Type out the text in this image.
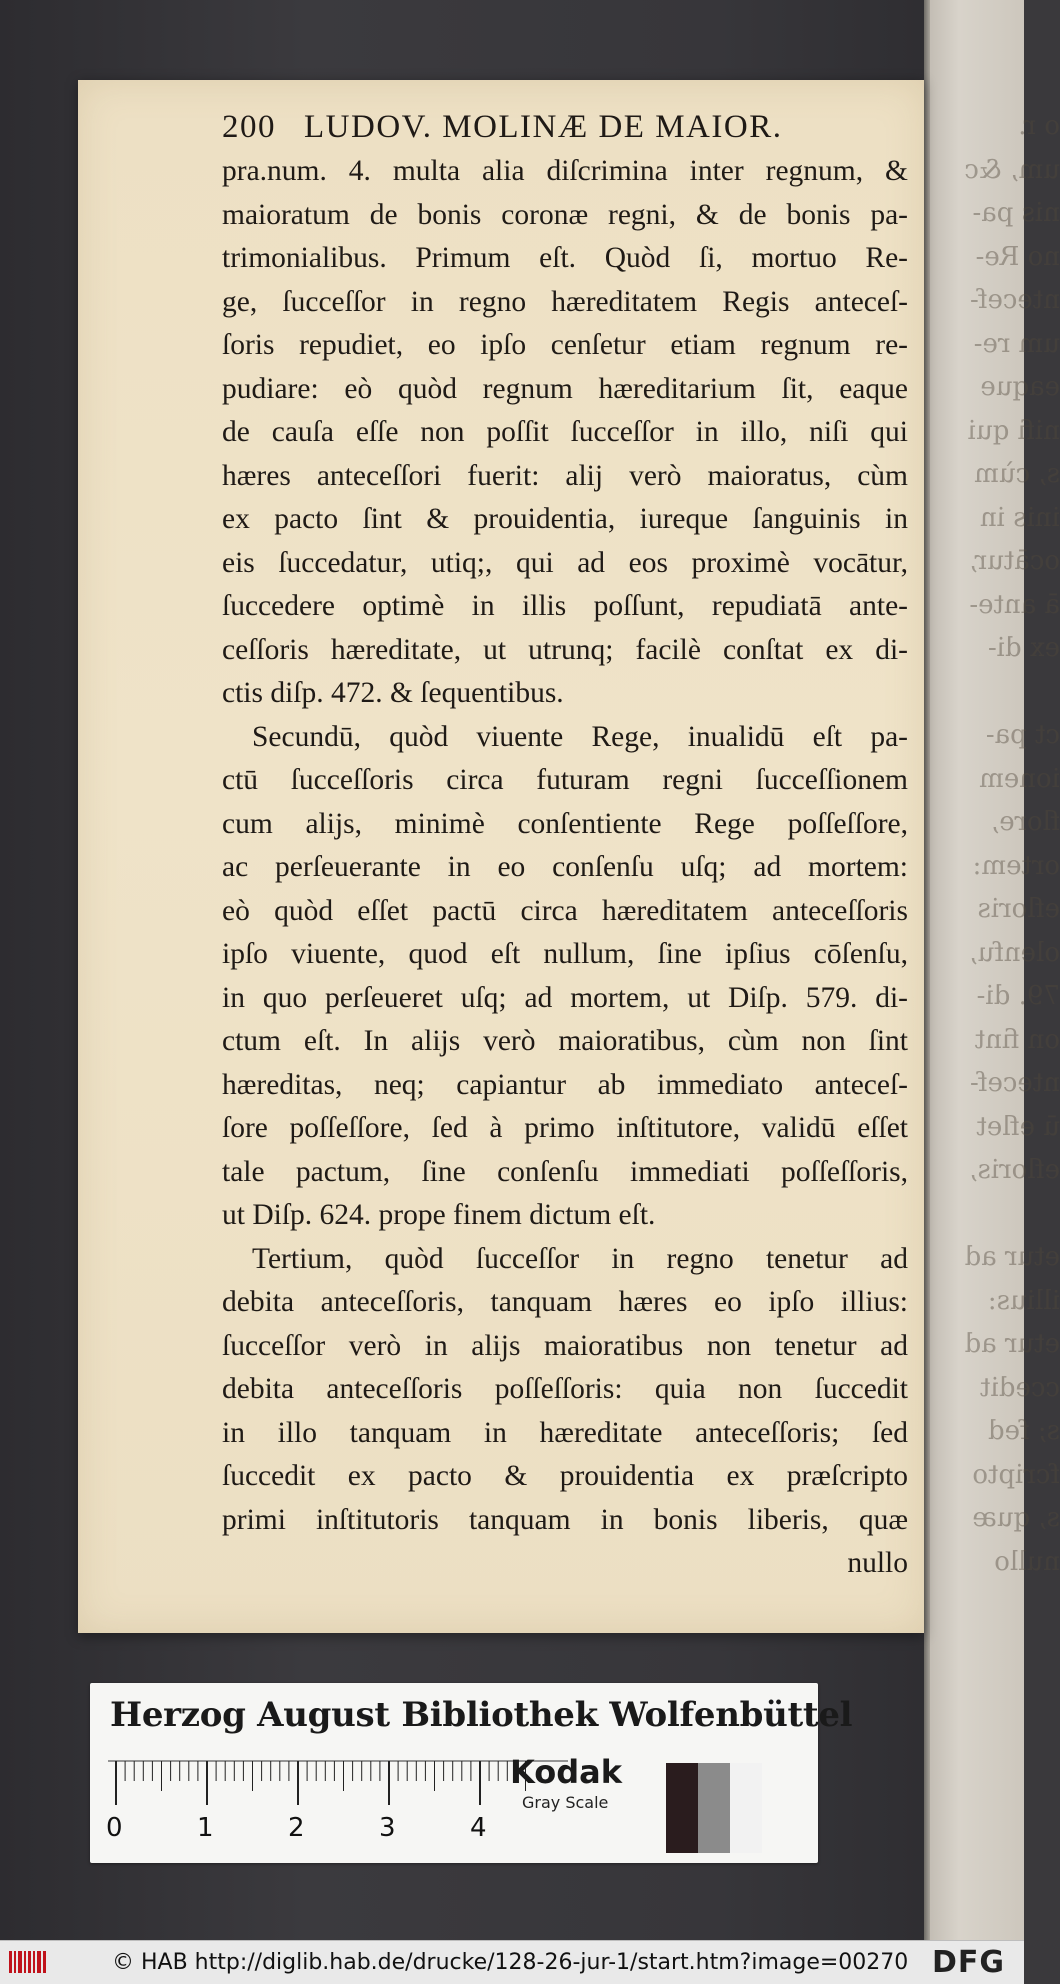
o r.
um, &c
nis pa-
no Re-
ntecef-
um re-
eaque
nifi qui
s, cùm
inis in
ocātur,
ā ante-
ex di-
ct pa-
ionem
flore,
ortem:
efloris
olenfu,
79. di-
on fint
ntecef-
ū eflet
efloris,
etur ad
illius:
etur ad
ccedit
s; fed
fcripto
s, quæ
nullo
200 LUDOV. MOLINÆ DE MAIOR.
pra.num. 4. multa alia diſcrimina inter regnum, &
maioratum de bonis coronæ regni, & de bonis pa-
trimonialibus. Primum eſt. Quòd ſi, mortuo Re-
ge, ſucceſſor in regno hæreditatem Regis anteceſ-
ſoris repudiet, eo ipſo cenſetur etiam regnum re-
pudiare: eò quòd regnum hæreditarium ſit, eaque
de cauſa eſſe non poſſit ſucceſſor in illo, niſi qui
hæres anteceſſori fuerit: alij verò maioratus, cùm
ex pacto ſint & prouidentia, iureque ſanguinis in
eis ſuccedatur, utiq;, qui ad eos proximè vocātur,
ſuccedere optimè in illis poſſunt, repudiatā ante-
ceſſoris hæreditate, ut utrunq; facilè conſtat ex di-
ctis diſp. 472. & ſequentibus.
Secundū, quòd viuente Rege, inualidū eſt pa-
ctū ſucceſſoris circa futuram regni ſucceſſionem
cum alijs, minimè conſentiente Rege poſſeſſore,
ac perſeuerante in eo conſenſu uſq; ad mortem:
eò quòd eſſet pactū circa hæreditatem anteceſſoris
ipſo viuente, quod eſt nullum, ſine ipſius cōſenſu,
in quo perſeueret uſq; ad mortem, ut Diſp. 579. di-
ctum eſt. In alijs verò maioratibus, cùm non ſint
hæreditas, neq; capiantur ab immediato anteceſ-
ſore poſſeſſore, ſed à primo inſtitutore, validū eſſet
tale pactum, ſine conſenſu immediati poſſeſſoris,
ut Diſp. 624. prope finem dictum eſt.
Tertium, quòd ſucceſſor in regno tenetur ad
debita anteceſſoris, tanquam hæres eo ipſo illius:
ſucceſſor verò in alijs maioratibus non tenetur ad
debita anteceſſoris poſſeſſoris: quia non ſuccedit
in illo tanquam in hæreditate anteceſſoris; ſed
ſuccedit ex pacto & prouidentia ex præſcripto
primi inſtitutoris tanquam in bonis liberis, quæ
nullo
Herzog August Bibliothek Wolfenbüttel
0	1	2	3	4
Kodak
Gray Scale
© HAB http://diglib.hab.de/drucke/128-26-jur-1/start.htm?image=00270 DFG
